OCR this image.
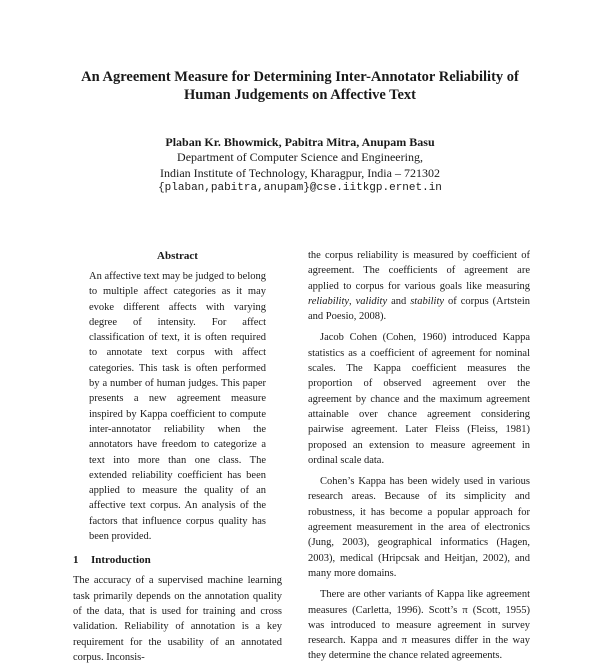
An Agreement Measure for Determining Inter-Annotator Reliability of
Human Judgements on Affective Text
Plaban Kr. Bhowmick, Pabitra Mitra, Anupam Basu
Department of Computer Science and Engineering,
Indian Institute of Technology, Kharagpur, India – 721302
{plaban,pabitra,anupam}@cse.iitkgp.ernet.in
Abstract

An affective text may be judged to belong to multiple affect categories as it may evoke different affects with varying degree of intensity. For affect classification of text, it is often required to annotate text corpus with affect categories. This task is often performed by a number of human judges. This paper presents a new agreement measure inspired by Kappa coefficient to compute inter-annotator reliability when the annotators have freedom to categorize a text into more than one class. The extended reliability coefficient has been applied to measure the quality of an affective text corpus. An analysis of the factors that influence corpus quality has been provided.

1 Introduction

The accuracy of a supervised machine learning task primarily depends on the annotation quality of the data, that is used for training and cross validation. Reliability of annotation is a key requirement for the usability of an annotated corpus. Inconsis-

the corpus reliability is measured by coefficient of agreement. The coefficients of agreement are applied to corpus for various goals like measuring reliability, validity and stability of corpus (Artstein and Poesio, 2008).

Jacob Cohen (Cohen, 1960) introduced Kappa statistics as a coefficient of agreement for nominal scales. The Kappa coefficient measures the proportion of observed agreement over the agreement by chance and the maximum agreement attainable over chance agreement considering pairwise agreement. Later Fleiss (Fleiss, 1981) proposed an extension to measure agreement in ordinal scale data.

Cohen’s Kappa has been widely used in various research areas. Because of its simplicity and robustness, it has become a popular approach for agreement measurement in the area of electronics (Jung, 2003), geographical informatics (Hagen, 2003), medical (Hripcsak and Heitjan, 2002), and many more domains.

There are other variants of Kappa like agreement measures (Carletta, 1996). Scott’s π (Scott, 1955) was introduced to measure agreement in survey research. Kappa and π measures differ in the way they determine the chance related agreements.
